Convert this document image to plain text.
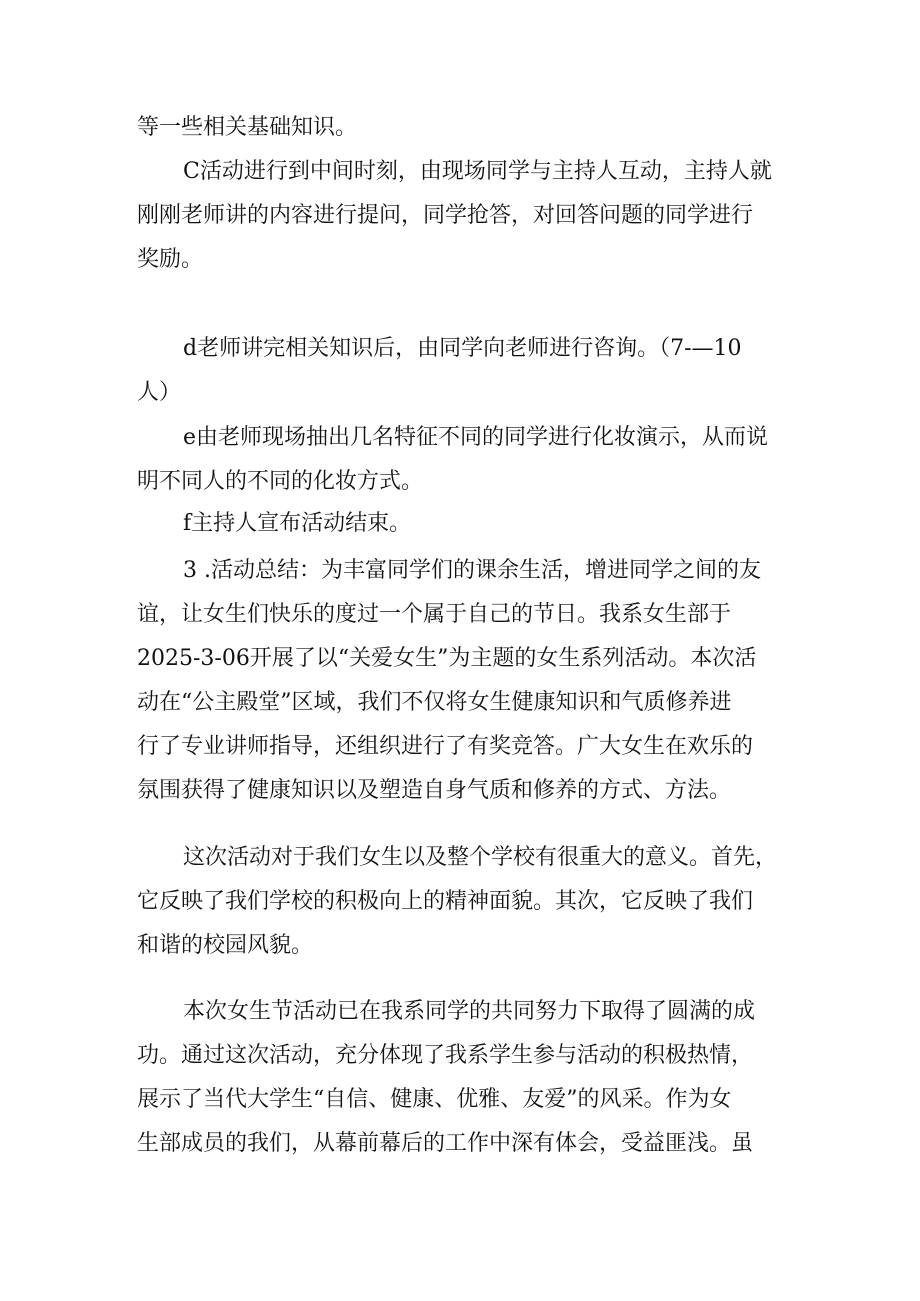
等一些相关基础知识。
C活动进行到中间时刻，由现场同学与主持人互动，主持人就
刚刚老师讲的内容进行提问，同学抢答，对回答问题的同学进行
奖励。
d老师讲完相关知识后，由同学向老师进行咨询。（7-—10
人）
e由老师现场抽出几名特征不同的同学进行化妆演示，从而说
明不同人的不同的化妆方式。
f主持人宣布活动结束。
3 .活动总结：为丰富同学们的课余生活，增进同学之间的友
谊，让女生们快乐的度过一个属于自己的节日。我系女生部于
2025-3-06开展了以“关爱女生”为主题的女生系列活动。本次活
动在“公主殿堂”区域，我们不仅将女生健康知识和气质修养进
行了专业讲师指导，还组织进行了有奖竞答。广大女生在欢乐的
氛围获得了健康知识以及塑造自身气质和修养的方式、方法。
这次活动对于我们女生以及整个学校有很重大的意义。首先，
它反映了我们学校的积极向上的精神面貌。其次，它反映了我们
和谐的校园风貌。
本次女生节活动已在我系同学的共同努力下取得了圆满的成
功。通过这次活动，充分体现了我系学生参与活动的积极热情，
展示了当代大学生“自信、健康、优雅、友爱”的风采。作为女
生部成员的我们，从幕前幕后的工作中深有体会，受益匪浅。虽
